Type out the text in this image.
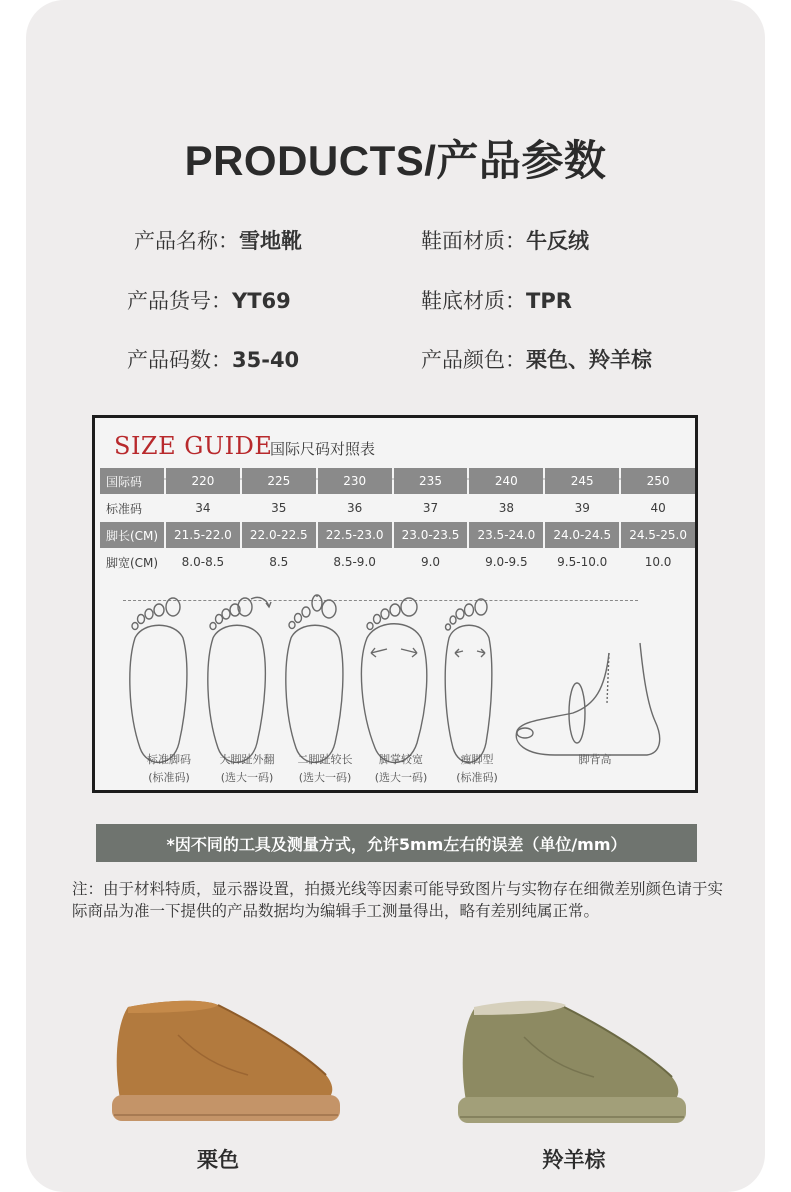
PRODUCTS/产品参数
产品名称：雪地靴	鞋面材质：牛反绒
产品货号：YT69	鞋底材质：TPR
产品码数：35-40	产品颜色：栗色、羚羊棕
SIZE GUIDE
国际尺码对照表
国际码	220	225	230	235	240	245	250
标准码	34	35	36	37	38	39	40
脚长(CM)	21.5-22.0	22.0-22.5	22.5-23.0	23.0-23.5	23.5-24.0	24.0-24.5	24.5-25.0
脚宽(CM)	8.0-8.5	8.5	8.5-9.0	9.0	9.0-9.5	9.5-10.0	10.0
标准脚码
(标准码)
大脚趾外翻
(选大一码)
二脚趾较长
(选大一码)
脚掌较宽
(选大一码)
瘦脚型
(标准码)
脚背高
*因不同的工具及测量方式，允许5mm左右的误差（单位/mm）
注：由于材料特质，显示器设置，拍摄光线等因素可能导致图片与实物存在细微差别颜色请于实际商品为准一下提供的产品数据均为编辑手工测量得出，略有差别纯属正常。
栗色	羚羊棕
